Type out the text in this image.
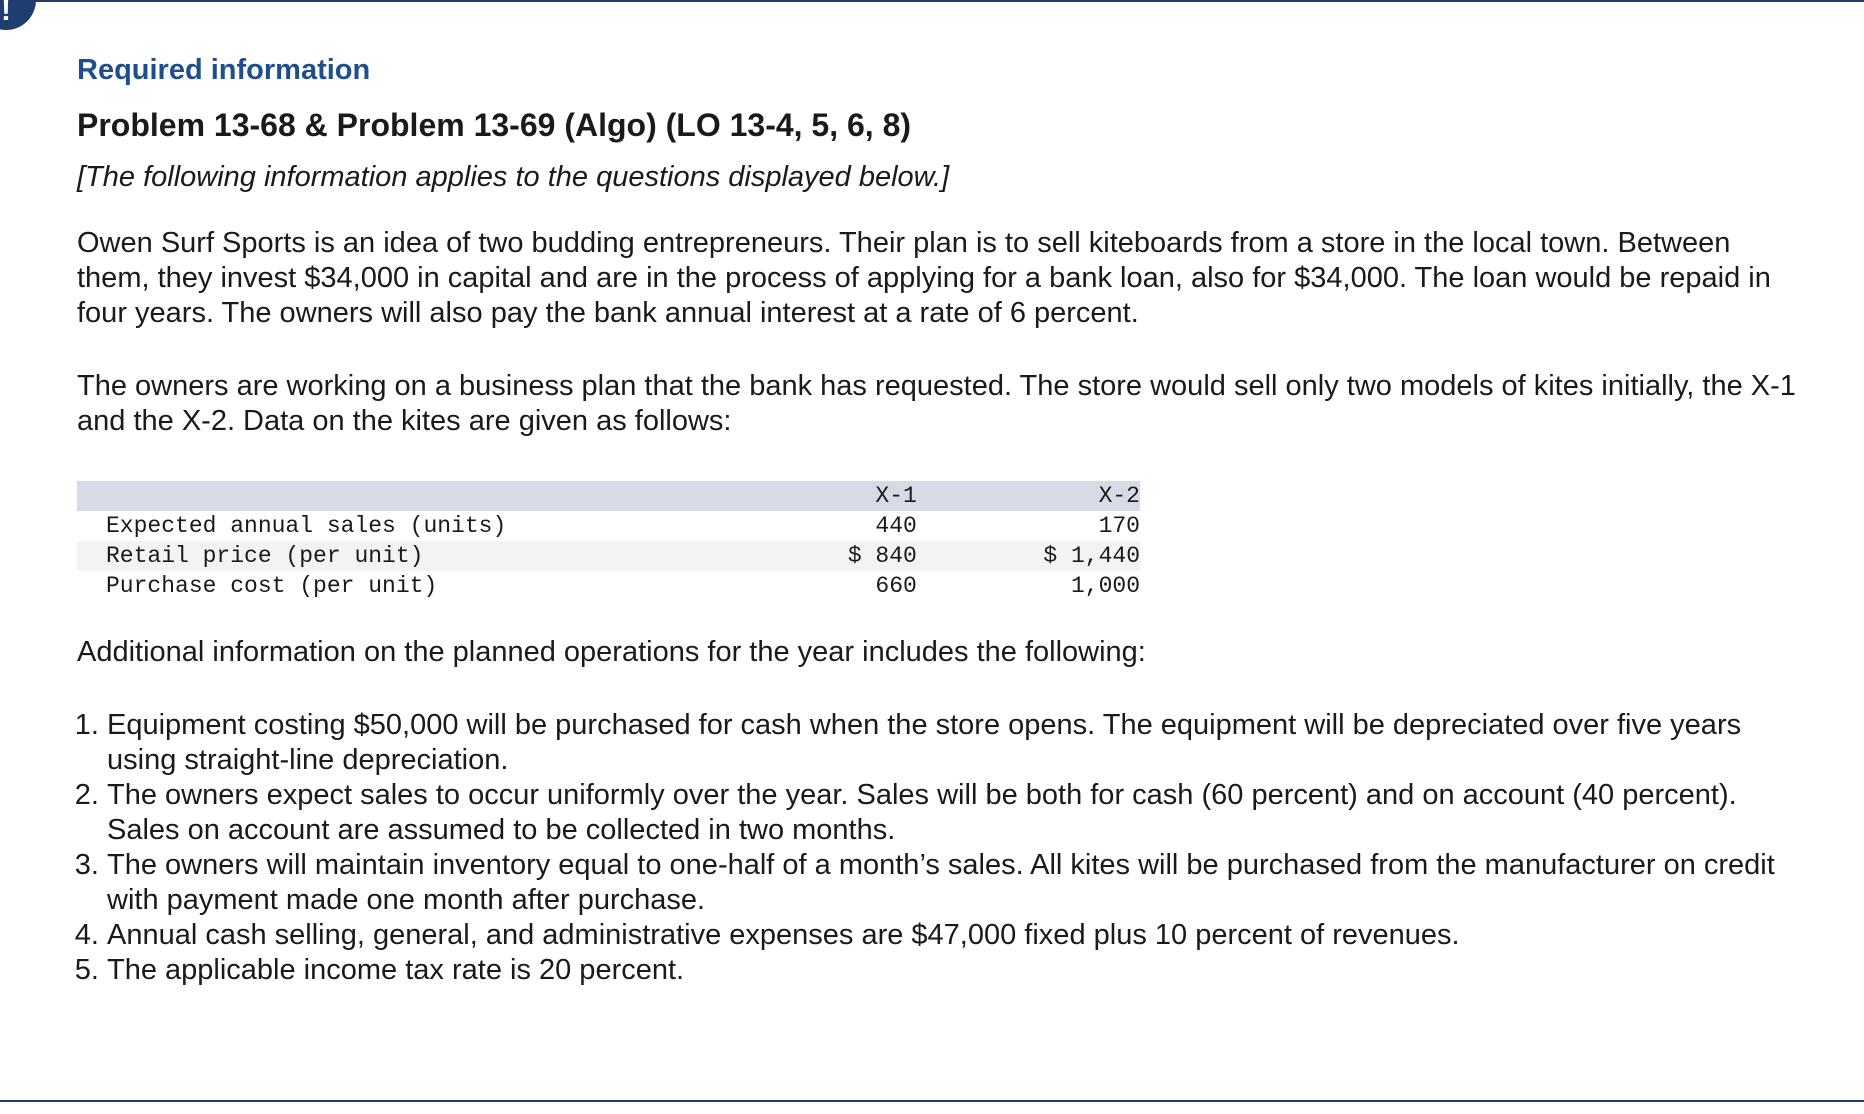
!
Required information
Problem 13-68 & Problem 13-69 (Algo) (LO 13-4, 5, 6, 8)

[The following information applies to the questions displayed below.]

Owen Surf Sports is an idea of two budding entrepreneurs. Their plan is to sell kiteboards from a store in the local town. Between them, they invest $34,000 in capital and are in the process of applying for a bank loan, also for $34,000. The loan would be repaid in four years. The owners will also pay the bank annual interest at a rate of 6 percent.

The owners are working on a business plan that the bank has requested. The store would sell only two models of kites initially, the X-1 and the X-2. Data on the kites are given as follows:

	X-1	X-2
Expected annual sales (units)	440	170
Retail price (per unit)	$ 840	$ 1,440
Purchase cost (per unit)	660	1,000

Additional information on the planned operations for the year includes the following:

1. Equipment costing $50,000 will be purchased for cash when the store opens. The equipment will be depreciated over five years using straight-line depreciation.
2. The owners expect sales to occur uniformly over the year. Sales will be both for cash (60 percent) and on account (40 percent). Sales on account are assumed to be collected in two months.
3. The owners will maintain inventory equal to one-half of a month’s sales. All kites will be purchased from the manufacturer on credit with payment made one month after purchase.
4. Annual cash selling, general, and administrative expenses are $47,000 fixed plus 10 percent of revenues.
5. The applicable income tax rate is 20 percent.
